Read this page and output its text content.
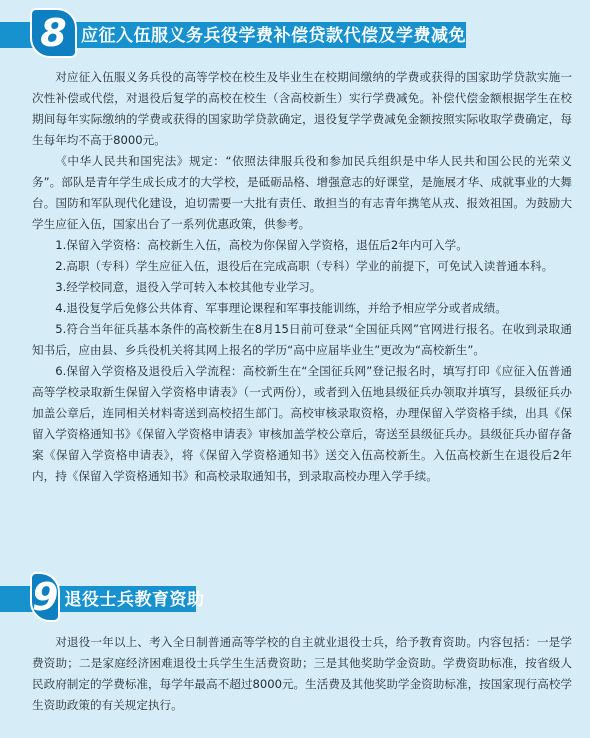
8 应征入伍服义务兵役学费补偿贷款代偿及学费减免

对应征入伍服义务兵役的高等学校在校生及毕业生在校期间缴纳的学费或获得的国家助学贷款实施一次性补偿或代偿，对退役后复学的高校在校生（含高校新生）实行学费减免。补偿代偿金额根据学生在校期间每年实际缴纳的学费或获得的国家助学贷款确定，退役复学学费减免金额按照实际收取学费确定，每生每年均不高于8000元。

《中华人民共和国宪法》规定：“依照法律服兵役和参加民兵组织是中华人民共和国公民的光荣义务”。部队是青年学生成长成才的大学校，是砥砺品格、增强意志的好课堂，是施展才华、成就事业的大舞台。国防和军队现代化建设，迫切需要一大批有责任、敢担当的有志青年携笔从戎、报效祖国。为鼓励大学生应征入伍，国家出台了一系列优惠政策，供参考。

1.保留入学资格：高校新生入伍，高校为你保留入学资格，退伍后2年内可入学。

2.高职（专科）学生应征入伍，退役后在完成高职（专科）学业的前提下，可免试入读普通本科。

3.经学校同意，退役入学可转入本校其他专业学习。

4.退役复学后免修公共体育、军事理论课程和军事技能训练，并给予相应学分或者成绩。

5.符合当年征兵基本条件的高校新生在8月15日前可登录“全国征兵网”官网进行报名。在收到录取通知书后，应由县、乡兵役机关将其网上报名的学历“高中应届毕业生”更改为“高校新生”。

6.保留入学资格及退役后入学流程：高校新生在“全国征兵网”登记报名时，填写打印《应征入伍普通高等学校录取新生保留入学资格申请表》（一式两份），或者到入伍地县级征兵办领取并填写，县级征兵办加盖公章后，连同相关材料寄送到高校招生部门。高校审核录取资格，办理保留入学资格手续，出具《保留入学资格通知书》《保留入学资格申请表》审核加盖学校公章后，寄送至县级征兵办。县级征兵办留存备案《保留入学资格申请表》，将《保留入学资格通知书》送交入伍高校新生。入伍高校新生在退役后2年内，持《保留入学资格通知书》和高校录取通知书，到录取高校办理入学手续。

9 退役士兵教育资助

对退役一年以上、考入全日制普通高等学校的自主就业退役士兵，给予教育资助。内容包括：一是学费资助；二是家庭经济困难退役士兵学生生活费资助；三是其他奖助学金资助。学费资助标准，按省级人民政府制定的学费标准，每学年最高不超过8000元。生活费及其他奖助学金资助标准，按国家现行高校学生资助政策的有关规定执行。
